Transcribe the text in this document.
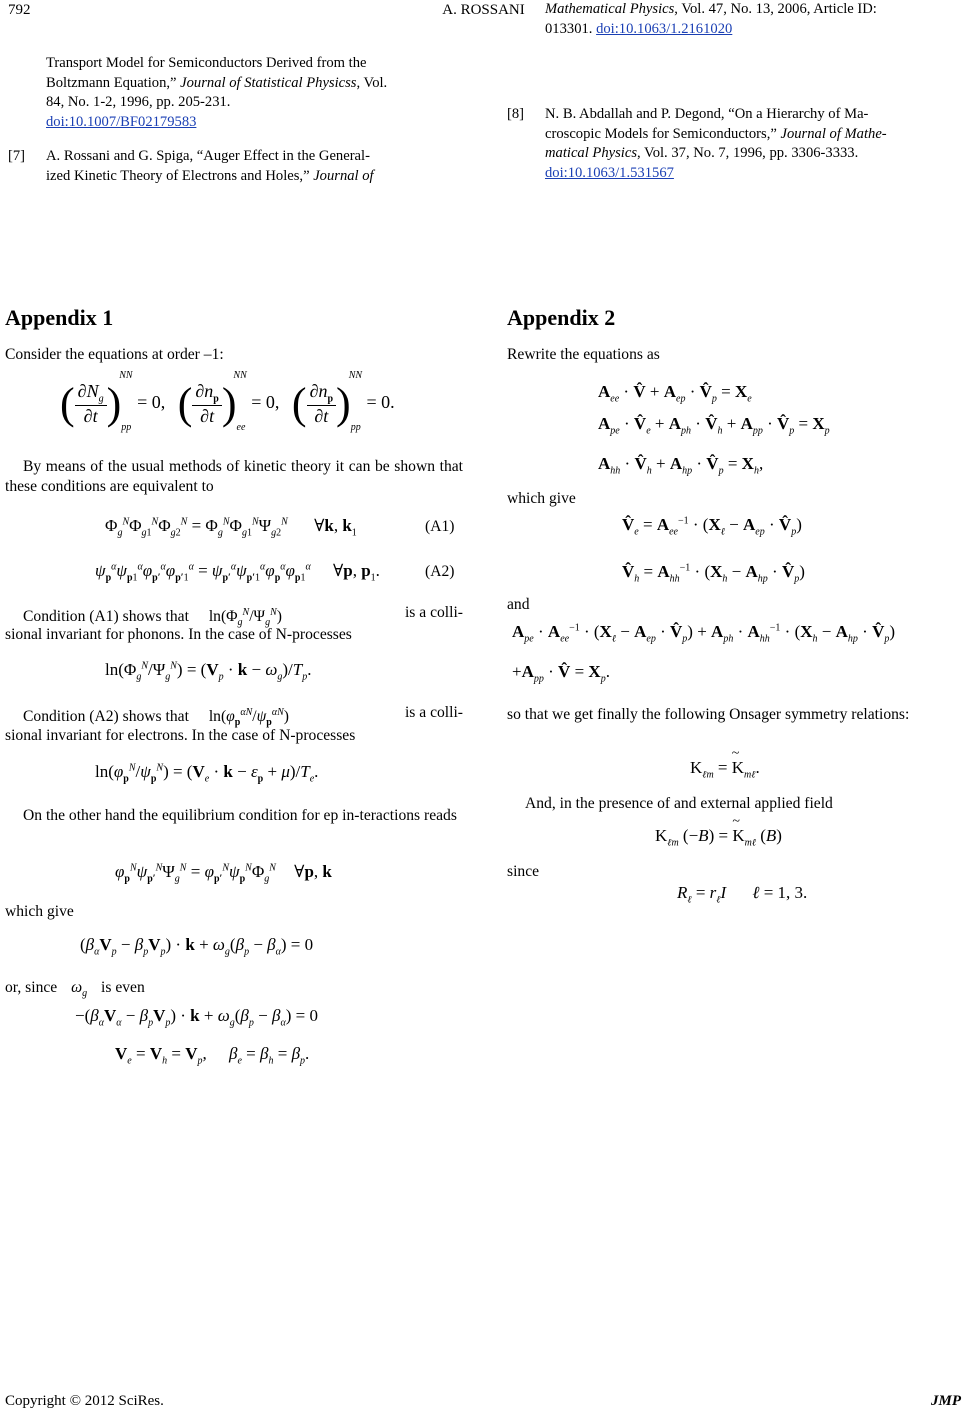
792	A. ROSSANI
Transport Model for Semiconductors Derived from the
Boltzmann Equation,” Journal of Statistical Physicss, Vol.
84, No. 1-2, 1996, pp. 205-231.
doi:10.1007/BF02179583
[7] A. Rossani and G. Spiga, “Auger Effect in the General-
ized Kinetic Theory of Electrons and Holes,” Journal of
Mathematical Physics, Vol. 47, No. 13, 2006, Article ID:
013301. doi:10.1063/1.2161020
[8] N. B. Abdallah and P. Degond, “On a Hierarchy of Ma-
croscopic Models for Semiconductors,” Journal of Mathe-
matical Physics, Vol. 37, No. 7, 1996, pp. 3306-3333.
doi:10.1063/1.531567
Appendix 1
Consider the equations at order –1:
( $\frac{\partial N_g}{\partial t} )_{pp}^{NN} = 0$, ( $\frac{\partial n_p}{\partial t} )_{ee}^{NN} = 0$, ( $\frac{\partial n_p}{\partial t} )_{pp}^{NN} = 0$.
By means of the usual methods of kinetic theory it can be shown that these conditions are equivalent to
$\Phi_g^N\Phi_{g1}^N\Phi_{g2}^N = \Phi_g^N\Phi_{g1}^N\Psi_{g2}^N$ ∀k, $k_1$	(A1)
$\psi_p^\alpha\psi_{p1}^\alpha\varphi_{p'}^\alpha\varphi_{p'1}^\alpha = \psi_{p'}^\alpha\psi_{p'1}^\alpha\varphi_p^\alpha\varphi_{p1}^\alpha$ ∀p, $p_1$.	(A2)
Condition (A1) shows that $\ln(\Phi_g^N/\Psi_g^N)$	is a colli-
sional invariant for phonons. In the case of N-processes
$\ln(\Phi_g^N/\Psi_g^N) = (V_p \cdot k - \omega_g)/T_p$.
Condition (A2) shows that $\ln(\varphi_p^{\alpha N}/\psi_p^{\alpha N})$	is a colli-
sional invariant for electrons. In the case of N-processes
$\ln(\varphi_p^N/\psi_p^N) = (V_e \cdot k - \varepsilon_p + \mu)/T_e$.
On the other hand the equilibrium condition for ep in-teractions reads
$\varphi_p^N\psi_{p'}^N\Psi_g^N = \varphi_{p'}^N\psi_p^N\Phi_g^N$ ∀p, k
which give
$(\beta_\alpha V_p - \beta_pV_p) \cdot k + \omega_g(\beta_p - \beta_\alpha) = 0$
or, since $\omega_g$ is even
$-(\beta_\alpha V_\alpha - \beta_pV_p) \cdot k + \omega_g(\beta_p - \beta_\alpha) = 0$
$V_e = V_h = V_p$, $\beta_e = \beta_h = \beta_p$.
Appendix 2
Rewrite the equations as
$A_{ee}$ · V̂ + $A_{ep}$ · $V̂_p = X_e$
$A_{pe}$ · $V̂_e + A_{ph}$ · $V̂_h + A_{pp}$ · $V̂_p = X_p$
$A_{hh}$ · $V̂_h + A_{hp}$ · $V̂_p = X_h$,
which give
$V̂_e = A_{ee}^{-1} \cdot (X_\ell - A_{ep}$ · $V̂_p$)
$V̂_h = A_{hh}^{-1} \cdot (X_h - A_{hp}$ · $V̂_p$)
and
$A_{pe} \cdot A_{ee}^{-1} \cdot (X_\ell - A_{ep}$ · $V̂_p) + A_{ph} \cdot A_{hh}^{-1} \cdot (X_h - A_{hp}$ · $V̂_p$)
$+A_{pp}$ · V̂ = $X_p$.
so that we get finally the following Onsager symmetry relations:
$K_{\ell m} = K$
~
$_{m\ell}$.
And, in the presence of and external applied field
$K_{\ell m}$ (−B) = K
~
$_{m\ell}$ (B)
since
$R_\ell = r_\ell I$ ℓ = 1, 3.
Copyright © 2012 SciRes.	JMP
